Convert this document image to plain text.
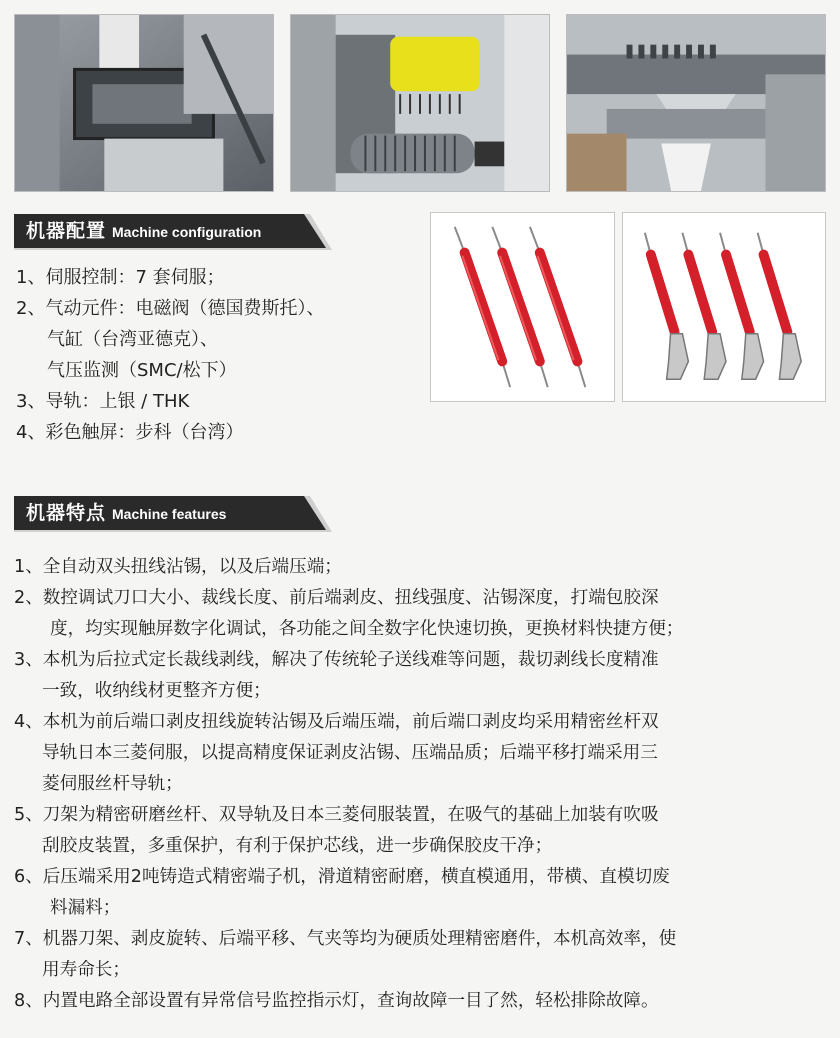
机器配置 Machine configuration
1、伺服控制：7 套伺服；
2、气动元件：电磁阀（德国费斯托）、
气缸（台湾亚德克）、
气压监测（SMC/松下）
3、导轨：上银 / THK
4、彩色触屏：步科（台湾）
机器特点 Machine features
1、全自动双头扭线沾锡，以及后端压端；
2、数控调试刀口大小、裁线长度、前后端剥皮、扭线强度、沾锡深度，打端包胶深
度，均实现触屏数字化调试，各功能之间全数字化快速切换，更换材料快捷方便；
3、本机为后拉式定长裁线剥线，解决了传统轮子送线难等问题，裁切剥线长度精准
一致，收纳线材更整齐方便；
4、本机为前后端口剥皮扭线旋转沾锡及后端压端，前后端口剥皮均采用精密丝杆双
导轨日本三菱伺服，以提高精度保证剥皮沾锡、压端品质；后端平移打端采用三
菱伺服丝杆导轨；
5、刀架为精密研磨丝杆、双导轨及日本三菱伺服装置，在吸气的基础上加装有吹吸
刮胶皮装置，多重保护，有利于保护芯线，进一步确保胶皮干净；
6、后压端采用2吨铸造式精密端子机，滑道精密耐磨，横直模通用，带横、直模切废
料漏料；
7、机器刀架、剥皮旋转、后端平移、气夹等均为硬质处理精密磨件，本机高效率，使
用寿命长；
8、内置电路全部设置有异常信号监控指示灯，查询故障一目了然，轻松排除故障。
